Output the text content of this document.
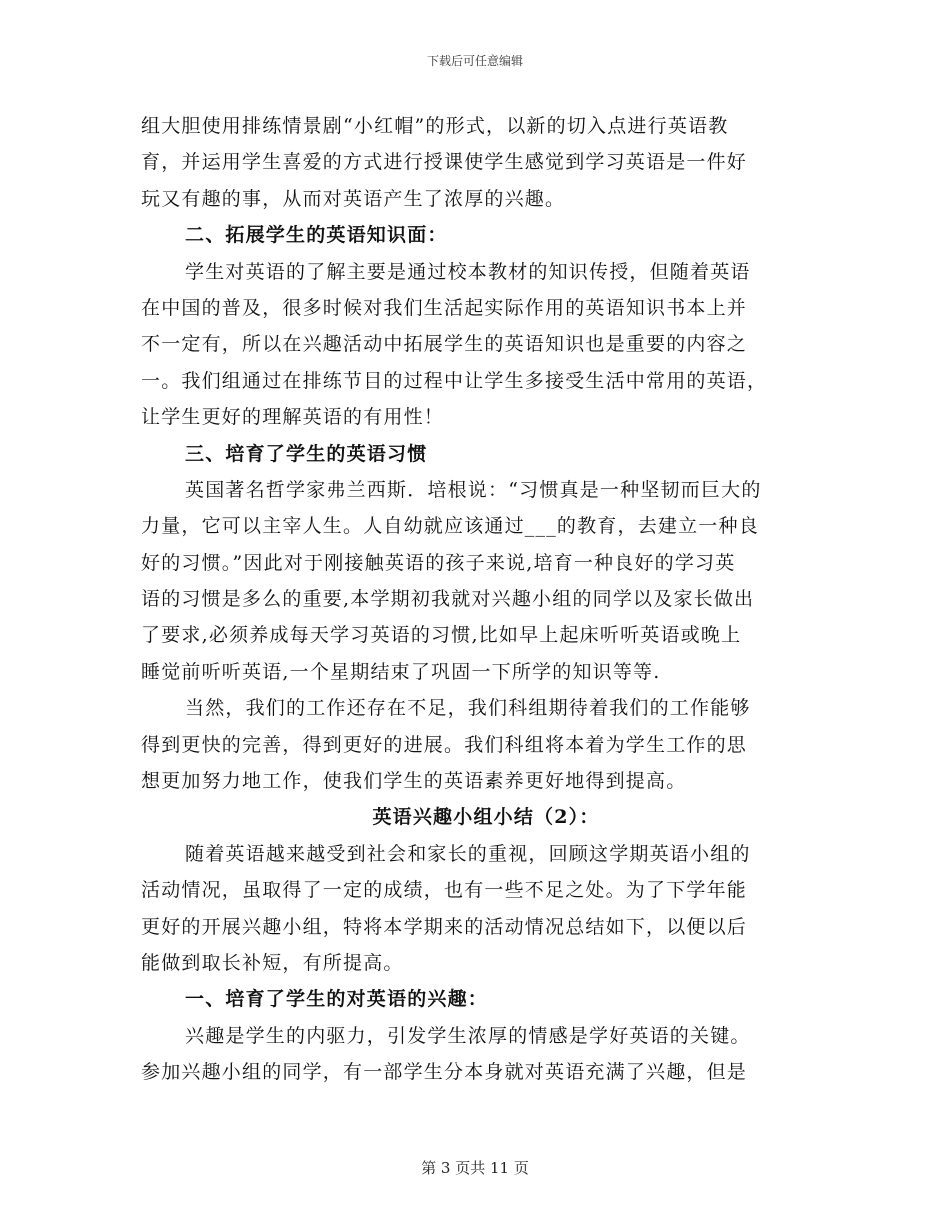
下载后可任意编辑
组大胆使用排练情景剧“小红帽”的形式，以新的切入点进行英语教
育，并运用学生喜爱的方式进行授课使学生感觉到学习英语是一件好
玩又有趣的事，从而对英语产生了浓厚的兴趣。
二、拓展学生的英语知识面：
学生对英语的了解主要是通过校本教材的知识传授，但随着英语
在中国的普及，很多时候对我们生活起实际作用的英语知识书本上并
不一定有，所以在兴趣活动中拓展学生的英语知识也是重要的内容之
一。我们组通过在排练节目的过程中让学生多接受生活中常用的英语，
让学生更好的理解英语的有用性！
三、培育了学生的英语习惯
英国著名哲学家弗兰西斯．培根说：“习惯真是一种坚韧而巨大的
力量，它可以主宰人生。人自幼就应该通过___的教育，去建立一种良
好的习惯。”因此对于刚接触英语的孩子来说,培育一种良好的学习英
语的习惯是多么的重要,本学期初我就对兴趣小组的同学以及家长做出
了要求,必须养成每天学习英语的习惯,比如早上起床听听英语或晚上
睡觉前听听英语,一个星期结束了巩固一下所学的知识等等.
当然，我们的工作还存在不足，我们科组期待着我们的工作能够
得到更快的完善，得到更好的进展。我们科组将本着为学生工作的思
想更加努力地工作，使我们学生的英语素养更好地得到提高。
英语兴趣小组小结（2）：
随着英语越来越受到社会和家长的重视，回顾这学期英语小组的
活动情况，虽取得了一定的成绩，也有一些不足之处。为了下学年能
更好的开展兴趣小组，特将本学期来的活动情况总结如下，以便以后
能做到取长补短，有所提高。
一、培育了学生的对英语的兴趣：
兴趣是学生的内驱力，引发学生浓厚的情感是学好英语的关键。
参加兴趣小组的同学，有一部学生分本身就对英语充满了兴趣，但是
第 3 页共 11 页
